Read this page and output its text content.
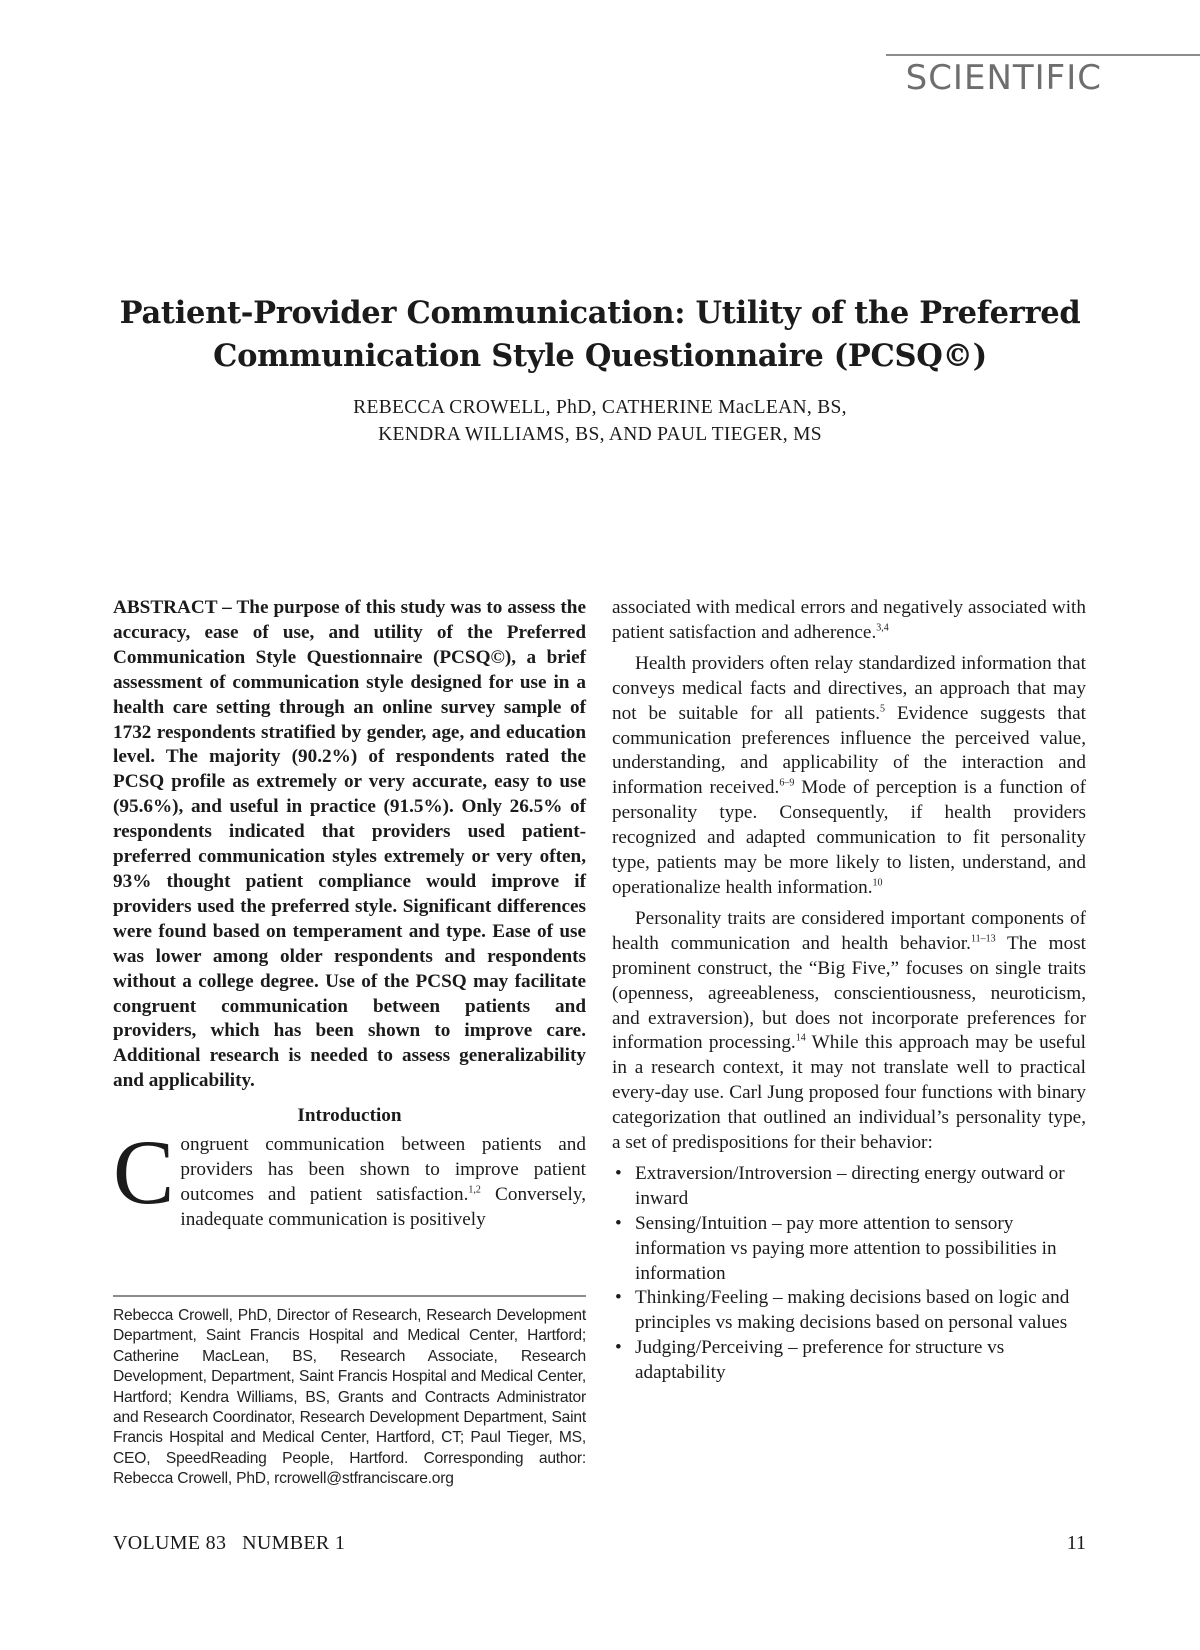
SCIENTIFIC
Patient-Provider Communication: Utility of the Preferred
Communication Style Questionnaire (PCSQ©)
REBECCA CROWELL, PhD, CATHERINE MacLEAN, BS,
KENDRA WILLIAMS, BS, AND PAUL TIEGER, MS

ABSTRACT – The purpose of this study was to assess the accuracy, ease of use, and utility of the Preferred Communication Style Questionnaire (PCSQ©), a brief assessment of communication style designed for use in a health care setting through an online survey sample of 1732 respondents stratified by gender, age, and education level. The majority (90.2%) of respondents rated the PCSQ profile as extremely or very accurate, easy to use (95.6%), and useful in practice (91.5%). Only 26.5% of respondents indicated that providers used patient-preferred communication styles extremely or very often, 93% thought patient compliance would improve if providers used the preferred style. Significant differences were found based on temperament and type. Ease of use was lower among older respondents and respondents without a college degree. Use of the PCSQ may facilitate congruent communication between patients and providers, which has been shown to improve care. Additional research is needed to assess generalizability and applicability.

Introduction
Congruent communication between patients and providers has been shown to improve patient outcomes and patient satisfaction.$^{1,2}$ Conversely, inadequate communication is positively
Rebecca Crowell, PhD, Director of Research, Research Development Department, Saint Francis Hospital and Medical Center, Hartford; Catherine MacLean, BS, Research Associate, Research Development, Department, Saint Francis Hospital and Medical Center, Hartford; Kendra Williams, BS, Grants and Contracts Administrator and Research Coordinator, Research Development Department, Saint Francis Hospital and Medical Center, Hartford, CT; Paul Tieger, MS, CEO, SpeedReading People, Hartford. Corresponding author: Rebecca Crowell, PhD, rcrowell@stfranciscare.org

associated with medical errors and negatively associated with patient satisfaction and adherence.$^{3,4}$

Health providers often relay standardized information that conveys medical facts and directives, an approach that may not be suitable for all patients.$^5$ Evidence suggests that communication preferences influence the perceived value, understanding, and applicability of the interaction and information received.$^{6-9}$ Mode of perception is a function of personality type. Consequently, if health providers recognized and adapted communication to fit personality type, patients may be more likely to listen, understand, and operationalize health information.$^{10}$

Personality traits are considered important components of health communication and health behavior.$^{11-13}$ The most prominent construct, the “Big Five,” focuses on single traits (openness, agreeableness, conscientiousness, neuroticism, and extraversion), but does not incorporate preferences for information processing.$^{14}$ While this approach may be useful in a research context, it may not translate well to practical every-day use. Carl Jung proposed four functions with binary categorization that outlined an individual’s personality type, a set of predispositions for their behavior:

• Extraversion/Introversion – directing energy outward or inward
• Sensing/Intuition – pay more attention to sensory information vs paying more attention to possibilities in information
• Thinking/Feeling – making decisions based on logic and principles vs making decisions based on personal values
• Judging/Perceiving – preference for structure vs adaptability
VOLUME 83   NUMBER 1	11
